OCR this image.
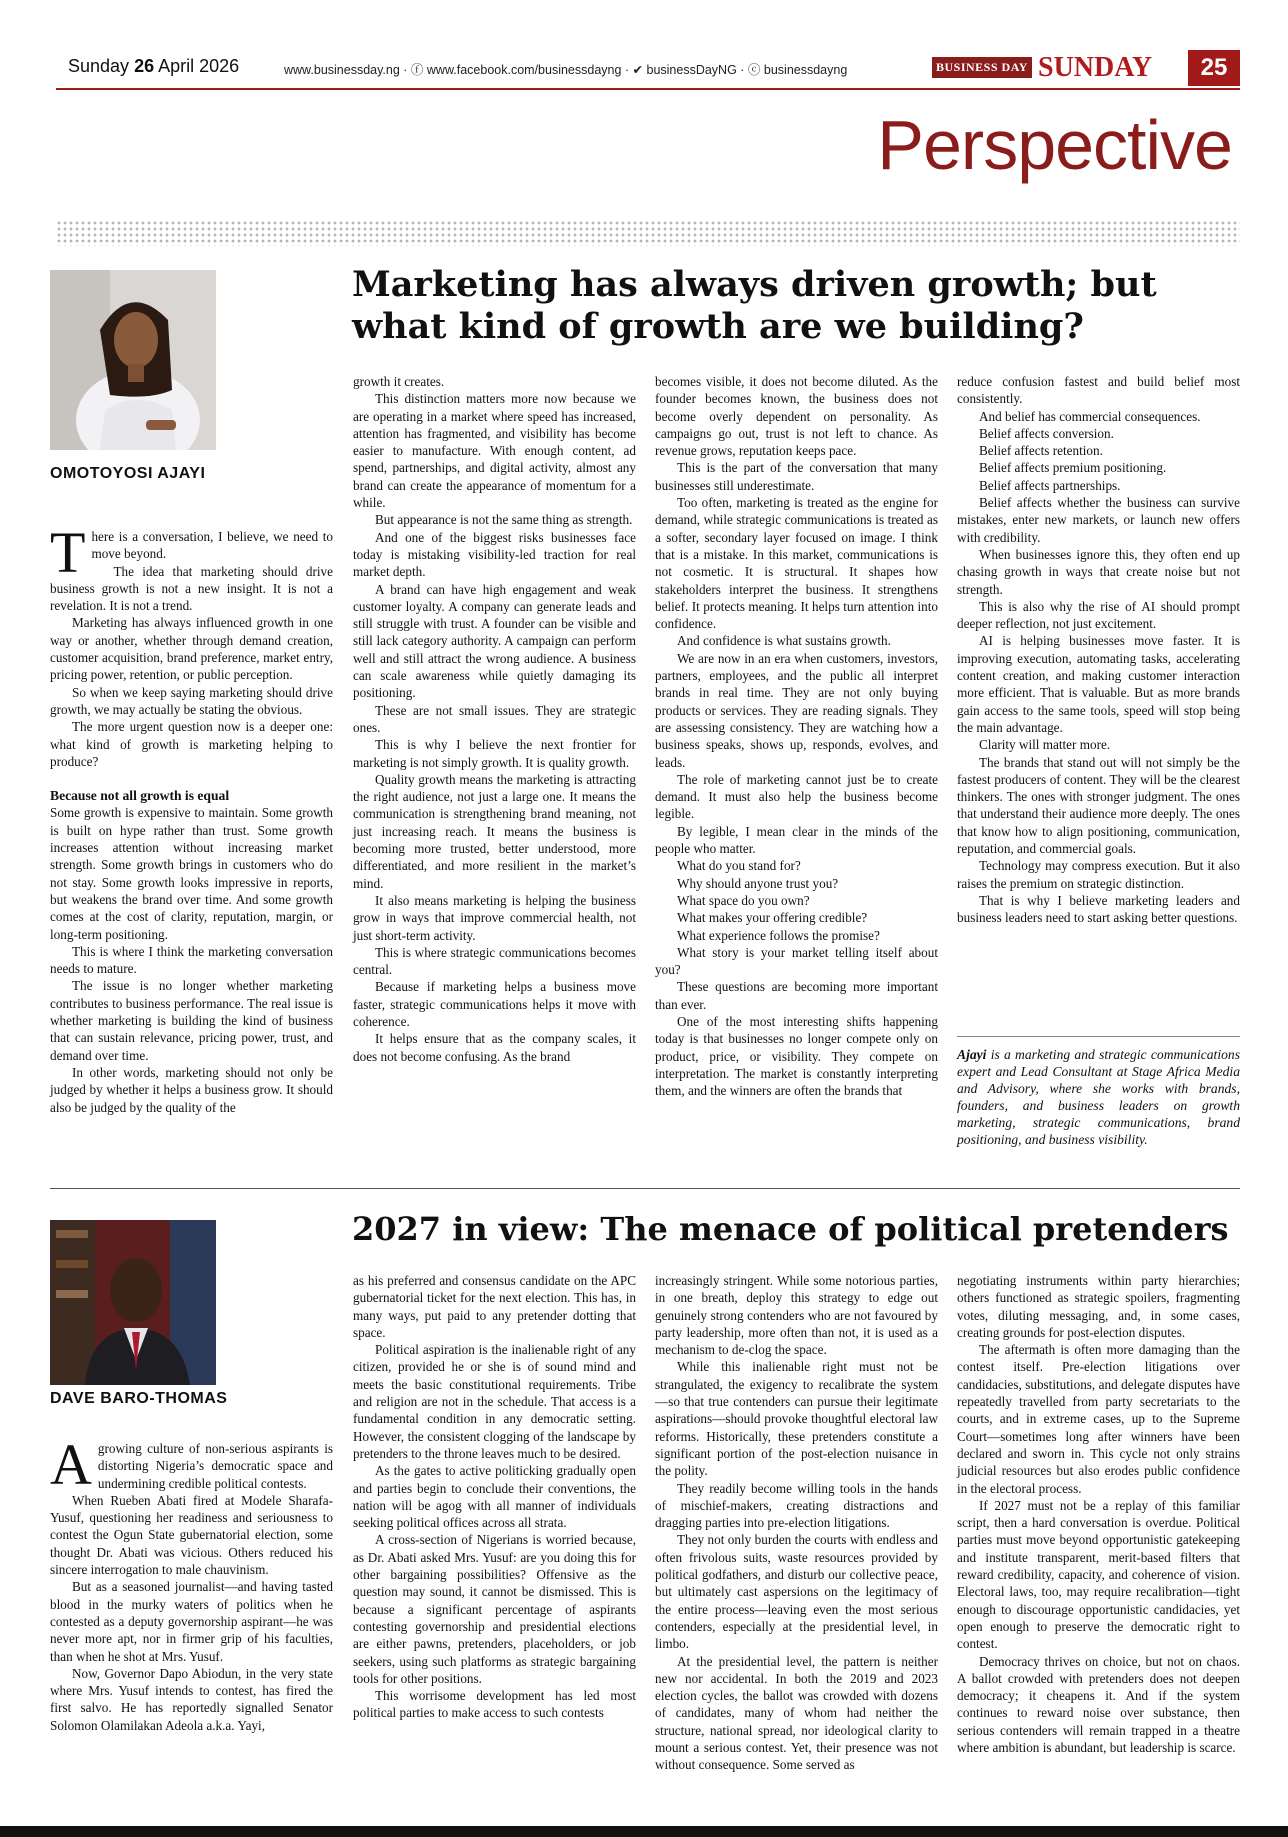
Sunday 26 April 2026	www.businessday.ng · ⓕ www.facebook.com/businessdayng · ✔ businessDayNG · ⓒ businessdayng	BUSINESS DAY SUNDAY	25
Perspective
OMOTOYOSI AJAYI
Marketing has always driven growth; but what kind of growth are we building?
T here is a conversation, I believe, we need to move beyond.

The idea that marketing should drive business growth is not a new insight. It is not a revelation. It is not a trend.

Marketing has always influenced growth in one way or another, whether through demand creation, customer acquisition, brand preference, market entry, pricing power, retention, or public perception.

So when we keep saying marketing should drive growth, we may actually be stating the obvious.

The more urgent question now is a deeper one: what kind of growth is marketing helping to produce?

Because not all growth is equal

Some growth is expensive to maintain. Some growth is built on hype rather than trust. Some growth increases attention without increasing market strength. Some growth brings in customers who do not stay. Some growth looks impressive in reports, but weakens the brand over time. And some growth comes at the cost of clarity, reputation, margin, or long-term positioning.

This is where I think the marketing conversation needs to mature.

The issue is no longer whether marketing contributes to business performance. The real issue is whether marketing is building the kind of business that can sustain relevance, pricing power, trust, and demand over time.

In other words, marketing should not only be judged by whether it helps a business grow. It should also be judged by the quality of the

growth it creates.

This distinction matters more now because we are operating in a market where speed has increased, attention has fragmented, and visibility has become easier to manufacture. With enough content, ad spend, partnerships, and digital activity, almost any brand can create the appearance of momentum for a while.

But appearance is not the same thing as strength.

And one of the biggest risks businesses face today is mistaking visibility-led traction for real market depth.

A brand can have high engagement and weak customer loyalty. A company can generate leads and still struggle with trust. A founder can be visible and still lack category authority. A campaign can perform well and still attract the wrong audience. A business can scale awareness while quietly damaging its positioning.

These are not small issues. They are strategic ones.

This is why I believe the next frontier for marketing is not simply growth. It is quality growth.

Quality growth means the marketing is attracting the right audience, not just a large one. It means the communication is strengthening brand meaning, not just increasing reach. It means the business is becoming more trusted, better understood, more differentiated, and more resilient in the market’s mind.

It also means marketing is helping the business grow in ways that improve commercial health, not just short-term activity.

This is where strategic communications becomes central.

Because if marketing helps a business move faster, strategic communications helps it move with coherence.

It helps ensure that as the company scales, it does not become confusing. As the brand

becomes visible, it does not become diluted. As the founder becomes known, the business does not become overly dependent on personality. As campaigns go out, trust is not left to chance. As revenue grows, reputation keeps pace.

This is the part of the conversation that many businesses still underestimate.

Too often, marketing is treated as the engine for demand, while strategic communications is treated as a softer, secondary layer focused on image. I think that is a mistake. In this market, communications is not cosmetic. It is structural. It shapes how stakeholders interpret the business. It strengthens belief. It protects meaning. It helps turn attention into confidence.

And confidence is what sustains growth.

We are now in an era when customers, investors, partners, employees, and the public all interpret brands in real time. They are not only buying products or services. They are reading signals. They are assessing consistency. They are watching how a business speaks, shows up, responds, evolves, and leads.

The role of marketing cannot just be to create demand. It must also help the business become legible.

By legible, I mean clear in the minds of the people who matter.

What do you stand for?

Why should anyone trust you?

What space do you own?

What makes your offering credible?

What experience follows the promise?

What story is your market telling itself about you?

These questions are becoming more important than ever.

One of the most interesting shifts happening today is that businesses no longer compete only on product, price, or visibility. They compete on interpretation. The market is constantly interpreting them, and the winners are often the brands that

reduce confusion fastest and build belief most consistently.

And belief has commercial consequences.

Belief affects conversion.

Belief affects retention.

Belief affects premium positioning.

Belief affects partnerships.

Belief affects whether the business can survive mistakes, enter new markets, or launch new offers with credibility.

When businesses ignore this, they often end up chasing growth in ways that create noise but not strength.

This is also why the rise of AI should prompt deeper reflection, not just excitement.

AI is helping businesses move faster. It is improving execution, automating tasks, accelerating content creation, and making customer interaction more efficient. That is valuable. But as more brands gain access to the same tools, speed will stop being the main advantage.

Clarity will matter more.

The brands that stand out will not simply be the fastest producers of content. They will be the clearest thinkers. The ones with stronger judgment. The ones that understand their audience more deeply. The ones that know how to align positioning, communication, reputation, and commercial goals.

Technology may compress execution. But it also raises the premium on strategic distinction.

That is why I believe marketing leaders and business leaders need to start asking better questions.

Ajayi is a marketing and strategic communications expert and Lead Consultant at Stage Africa Media and Advisory, where she works with brands, founders, and business leaders on growth marketing, strategic communications, brand positioning, and business visibility.
DAVE BARO-THOMAS
2027 in view: The menace of political pretenders
A growing culture of non-serious aspirants is distorting Nigeria’s democratic space and undermining credible political contests.

When Rueben Abati fired at Modele Sharafa-Yusuf, questioning her readiness and seriousness to contest the Ogun State gubernatorial election, some thought Dr. Abati was vicious. Others reduced his sincere interrogation to male chauvinism.

But as a seasoned journalist—and having tasted blood in the murky waters of politics when he contested as a deputy governorship aspirant—he was never more apt, nor in firmer grip of his faculties, than when he shot at Mrs. Yusuf.

Now, Governor Dapo Abiodun, in the very state where Mrs. Yusuf intends to contest, has fired the first salvo. He has reportedly signalled Senator Solomon Olamilakan Adeola a.k.a. Yayi,

as his preferred and consensus candidate on the APC gubernatorial ticket for the next election. This has, in many ways, put paid to any pretender dotting that space.

Political aspiration is the inalienable right of any citizen, provided he or she is of sound mind and meets the basic constitutional requirements. Tribe and religion are not in the schedule. That access is a fundamental condition in any democratic setting. However, the consistent clogging of the landscape by pretenders to the throne leaves much to be desired.

As the gates to active politicking gradually open and parties begin to conclude their conventions, the nation will be agog with all manner of individuals seeking political offices across all strata.

A cross-section of Nigerians is worried because, as Dr. Abati asked Mrs. Yusuf: are you doing this for other bargaining possibilities? Offensive as the question may sound, it cannot be dismissed. This is because a significant percentage of aspirants contesting governorship and presidential elections are either pawns, pretenders, placeholders, or job seekers, using such platforms as strategic bargaining tools for other positions.

This worrisome development has led most political parties to make access to such contests

increasingly stringent. While some notorious parties, in one breath, deploy this strategy to edge out genuinely strong contenders who are not favoured by party leadership, more often than not, it is used as a mechanism to de-clog the space.

While this inalienable right must not be strangulated, the exigency to recalibrate the system—so that true contenders can pursue their legitimate aspirations—should provoke thoughtful electoral law reforms. Historically, these pretenders constitute a significant portion of the post-election nuisance in the polity.

They readily become willing tools in the hands of mischief-makers, creating distractions and dragging parties into pre-election litigations.

They not only burden the courts with endless and often frivolous suits, waste resources provided by political godfathers, and disturb our collective peace, but ultimately cast aspersions on the legitimacy of the entire process—leaving even the most serious contenders, especially at the presidential level, in limbo.

At the presidential level, the pattern is neither new nor accidental. In both the 2019 and 2023 election cycles, the ballot was crowded with dozens of candidates, many of whom had neither the structure, national spread, nor ideological clarity to mount a serious contest. Yet, their presence was not without consequence. Some served as

negotiating instruments within party hierarchies; others functioned as strategic spoilers, fragmenting votes, diluting messaging, and, in some cases, creating grounds for post-election disputes.

The aftermath is often more damaging than the contest itself. Pre-election litigations over candidacies, substitutions, and delegate disputes have repeatedly travelled from party secretariats to the courts, and in extreme cases, up to the Supreme Court—sometimes long after winners have been declared and sworn in. This cycle not only strains judicial resources but also erodes public confidence in the electoral process.

If 2027 must not be a replay of this familiar script, then a hard conversation is overdue. Political parties must move beyond opportunistic gatekeeping and institute transparent, merit-based filters that reward credibility, capacity, and coherence of vision. Electoral laws, too, may require recalibration—tight enough to discourage opportunistic candidacies, yet open enough to preserve the democratic right to contest.

Democracy thrives on choice, but not on chaos. A ballot crowded with pretenders does not deepen democracy; it cheapens it. And if the system continues to reward noise over substance, then serious contenders will remain trapped in a theatre where ambition is abundant, but leadership is scarce.
